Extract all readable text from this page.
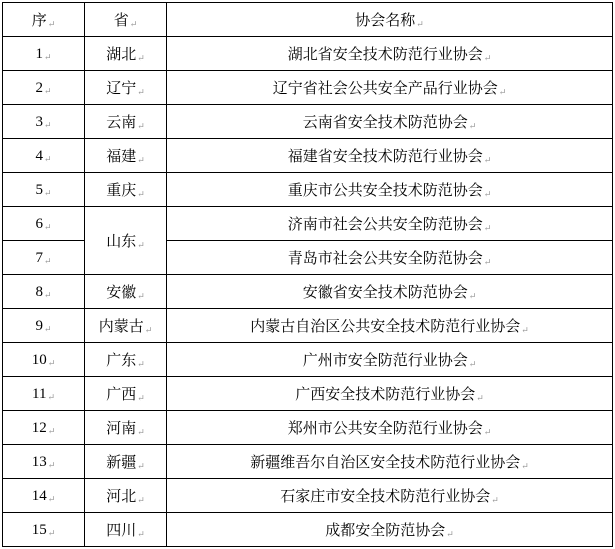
序↵	省↵	协会名称↵
1↵	湖北↵	湖北省安全技术防范行业协会↵
2↵	辽宁↵	辽宁省社会公共安全产品行业协会↵
3↵	云南↵	云南省安全技术防范协会↵
4↵	福建↵	福建省安全技术防范行业协会↵
5↵	重庆↵	重庆市公共安全技术防范协会↵
6↵	山东↵	济南市社会公共安全防范协会↵
7↵		青岛市社会公共安全防范协会↵
8↵	安徽↵	安徽省安全技术防范协会↵
9↵	内蒙古↵	内蒙古自治区公共安全技术防范行业协会↵
10↵	广东↵	广州市安全防范行业协会↵
11↵	广西↵	广西安全技术防范行业协会↵
12↵	河南↵	郑州市公共安全防范行业协会↵
13↵	新疆↵	新疆维吾尔自治区安全技术防范行业协会↵
14↵	河北↵	石家庄市安全技术防范行业协会↵
15↵	四川↵	成都安全防范协会↵
